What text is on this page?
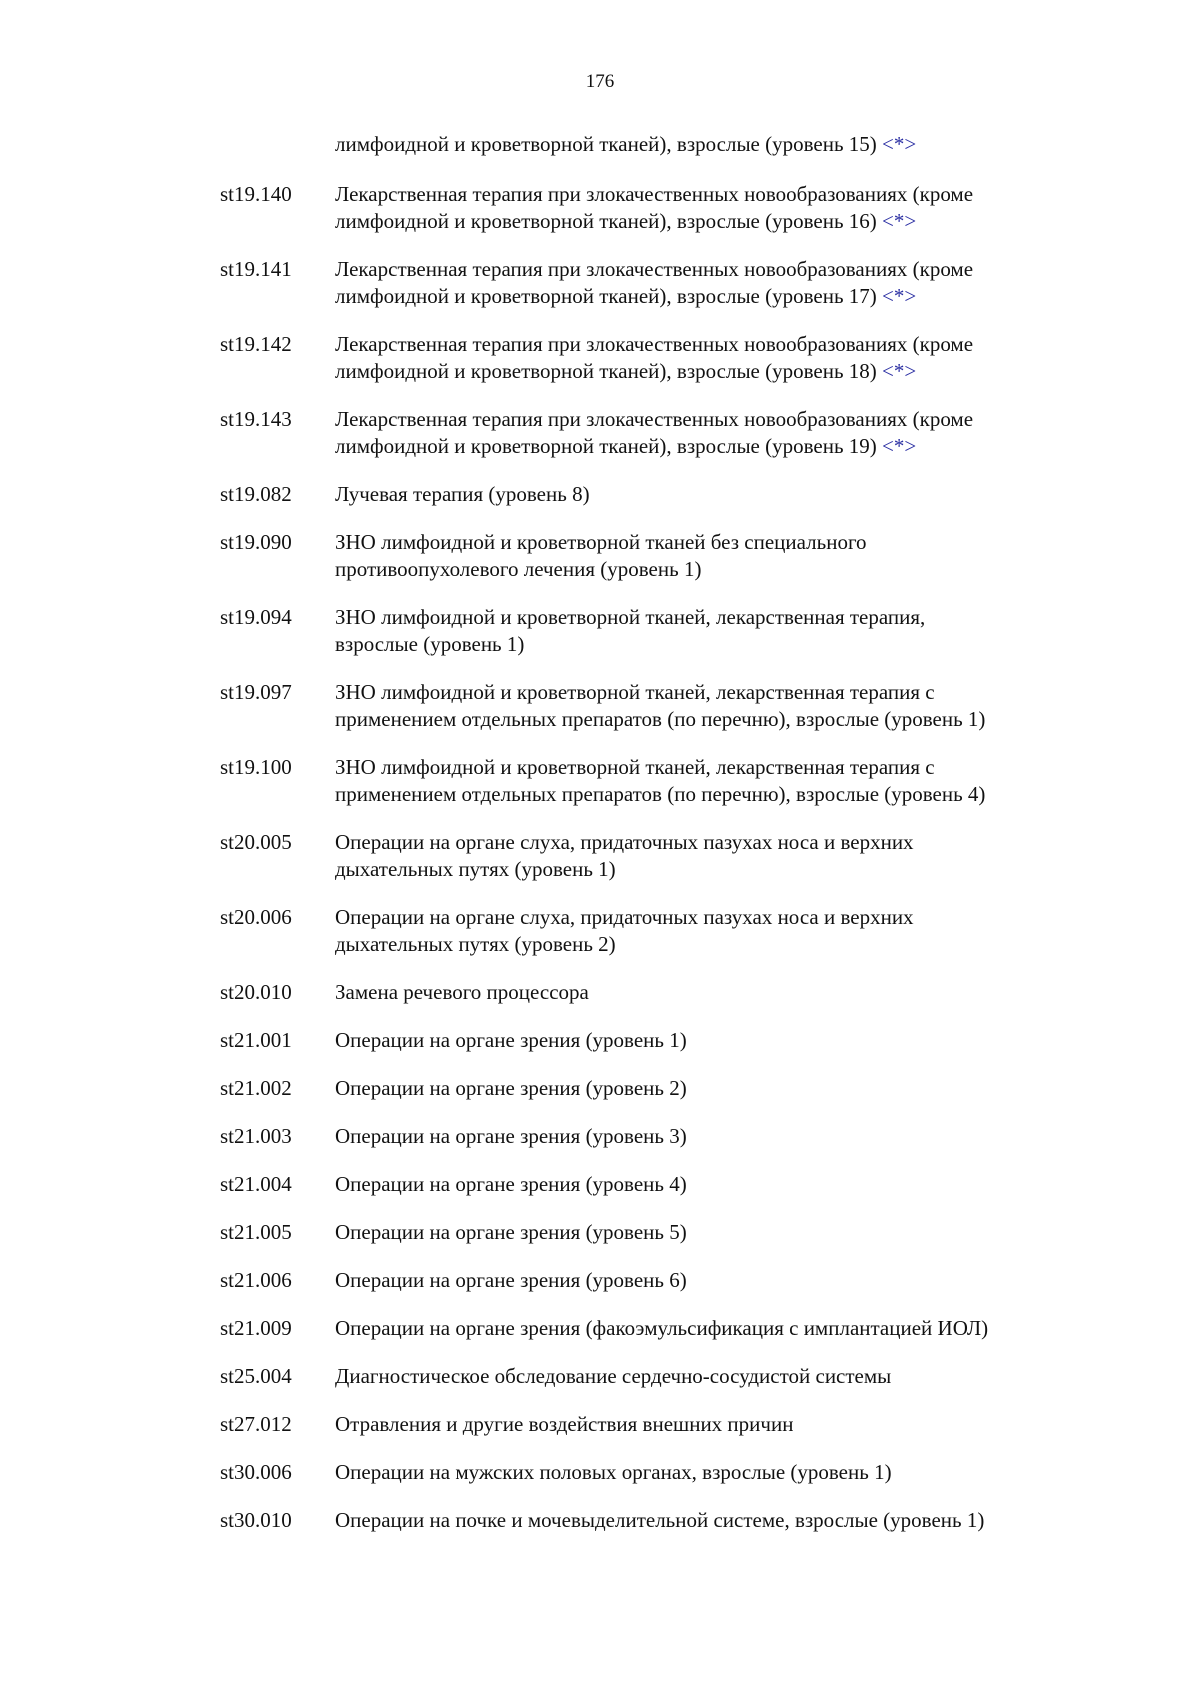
176
лимфоидной и кроветворной тканей), взрослые (уровень 15) <*>
st19.140	Лекарственная терапия при злокачественных новообразованиях (кроме
лимфоидной и кроветворной тканей), взрослые (уровень 16) <*>
st19.141	Лекарственная терапия при злокачественных новообразованиях (кроме
лимфоидной и кроветворной тканей), взрослые (уровень 17) <*>
st19.142	Лекарственная терапия при злокачественных новообразованиях (кроме
лимфоидной и кроветворной тканей), взрослые (уровень 18) <*>
st19.143	Лекарственная терапия при злокачественных новообразованиях (кроме
лимфоидной и кроветворной тканей), взрослые (уровень 19) <*>
st19.082	Лучевая терапия (уровень 8)
st19.090	ЗНО лимфоидной и кроветворной тканей без специального
противоопухолевого лечения (уровень 1)
st19.094	ЗНО лимфоидной и кроветворной тканей, лекарственная терапия,
взрослые (уровень 1)
st19.097	ЗНО лимфоидной и кроветворной тканей, лекарственная терапия с
применением отдельных препаратов (по перечню), взрослые (уровень 1)
st19.100	ЗНО лимфоидной и кроветворной тканей, лекарственная терапия с
применением отдельных препаратов (по перечню), взрослые (уровень 4)
st20.005	Операции на органе слуха, придаточных пазухах носа и верхних
дыхательных путях (уровень 1)
st20.006	Операции на органе слуха, придаточных пазухах носа и верхних
дыхательных путях (уровень 2)
st20.010	Замена речевого процессора
st21.001	Операции на органе зрения (уровень 1)
st21.002	Операции на органе зрения (уровень 2)
st21.003	Операции на органе зрения (уровень 3)
st21.004	Операции на органе зрения (уровень 4)
st21.005	Операции на органе зрения (уровень 5)
st21.006	Операции на органе зрения (уровень 6)
st21.009	Операции на органе зрения (факоэмульсификация с имплантацией ИОЛ)
st25.004	Диагностическое обследование сердечно-сосудистой системы
st27.012	Отравления и другие воздействия внешних причин
st30.006	Операции на мужских половых органах, взрослые (уровень 1)
st30.010	Операции на почке и мочевыделительной системе, взрослые (уровень 1)
